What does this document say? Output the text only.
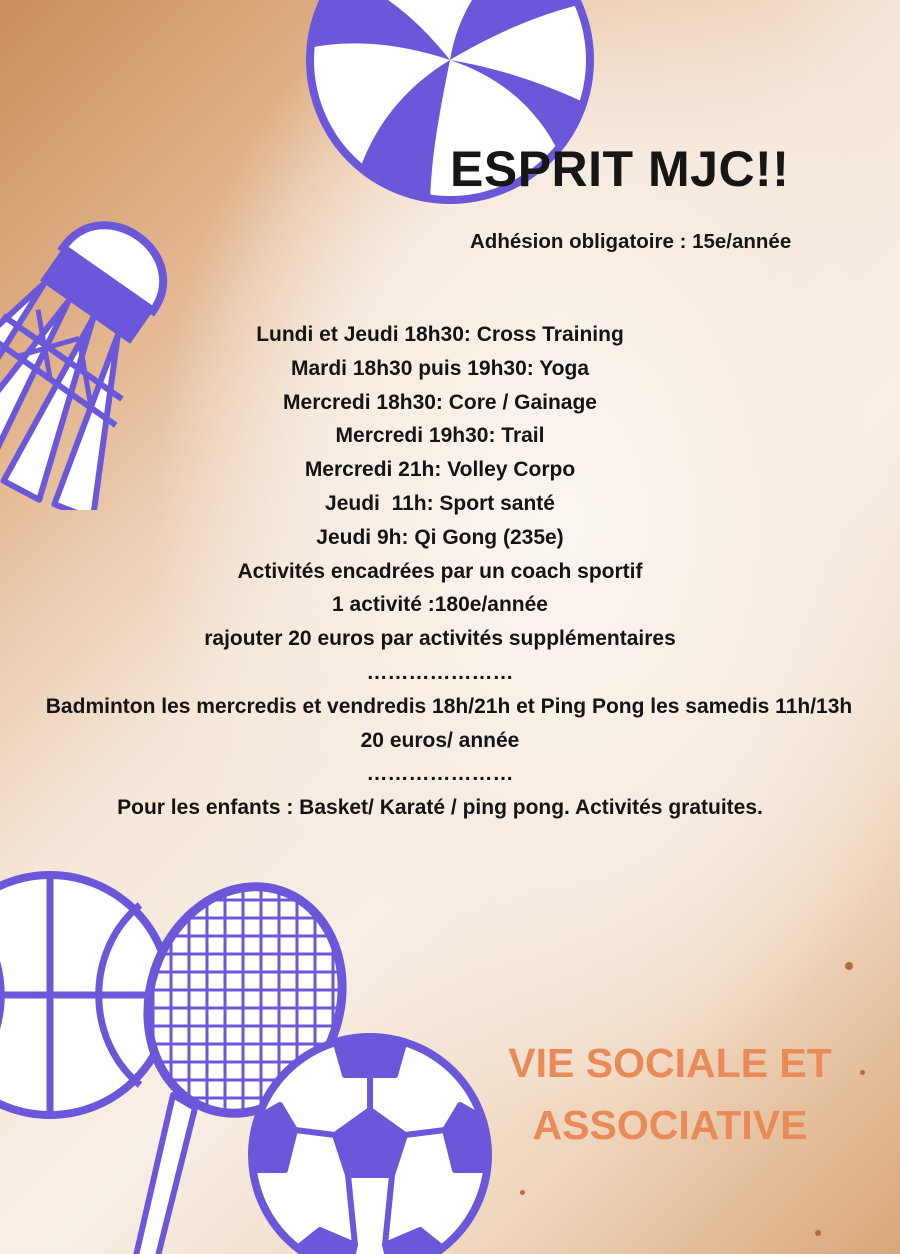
ESPRIT MJC!!

Adhésion obligatoire : 15e/année

Lundi et Jeudi 18h30: Cross Training
Mardi 18h30 puis 19h30: Yoga
Mercredi 18h30: Core / Gainage
Mercredi 19h30: Trail
Mercredi 21h: Volley Corpo
Jeudi  11h: Sport santé
Jeudi 9h: Qi Gong (235e)
Activités encadrées par un coach sportif
1 activité :180e/année
rajouter 20 euros par activités supplémentaires
…………………
Badminton les mercredis et vendredis 18h/21h et Ping Pong les samedis 11h/13h
20 euros/ année
…………………
Pour les enfants : Basket/ Karaté / ping pong. Activités gratuites.
VIE SOCIALE ET
ASSOCIATIVE
